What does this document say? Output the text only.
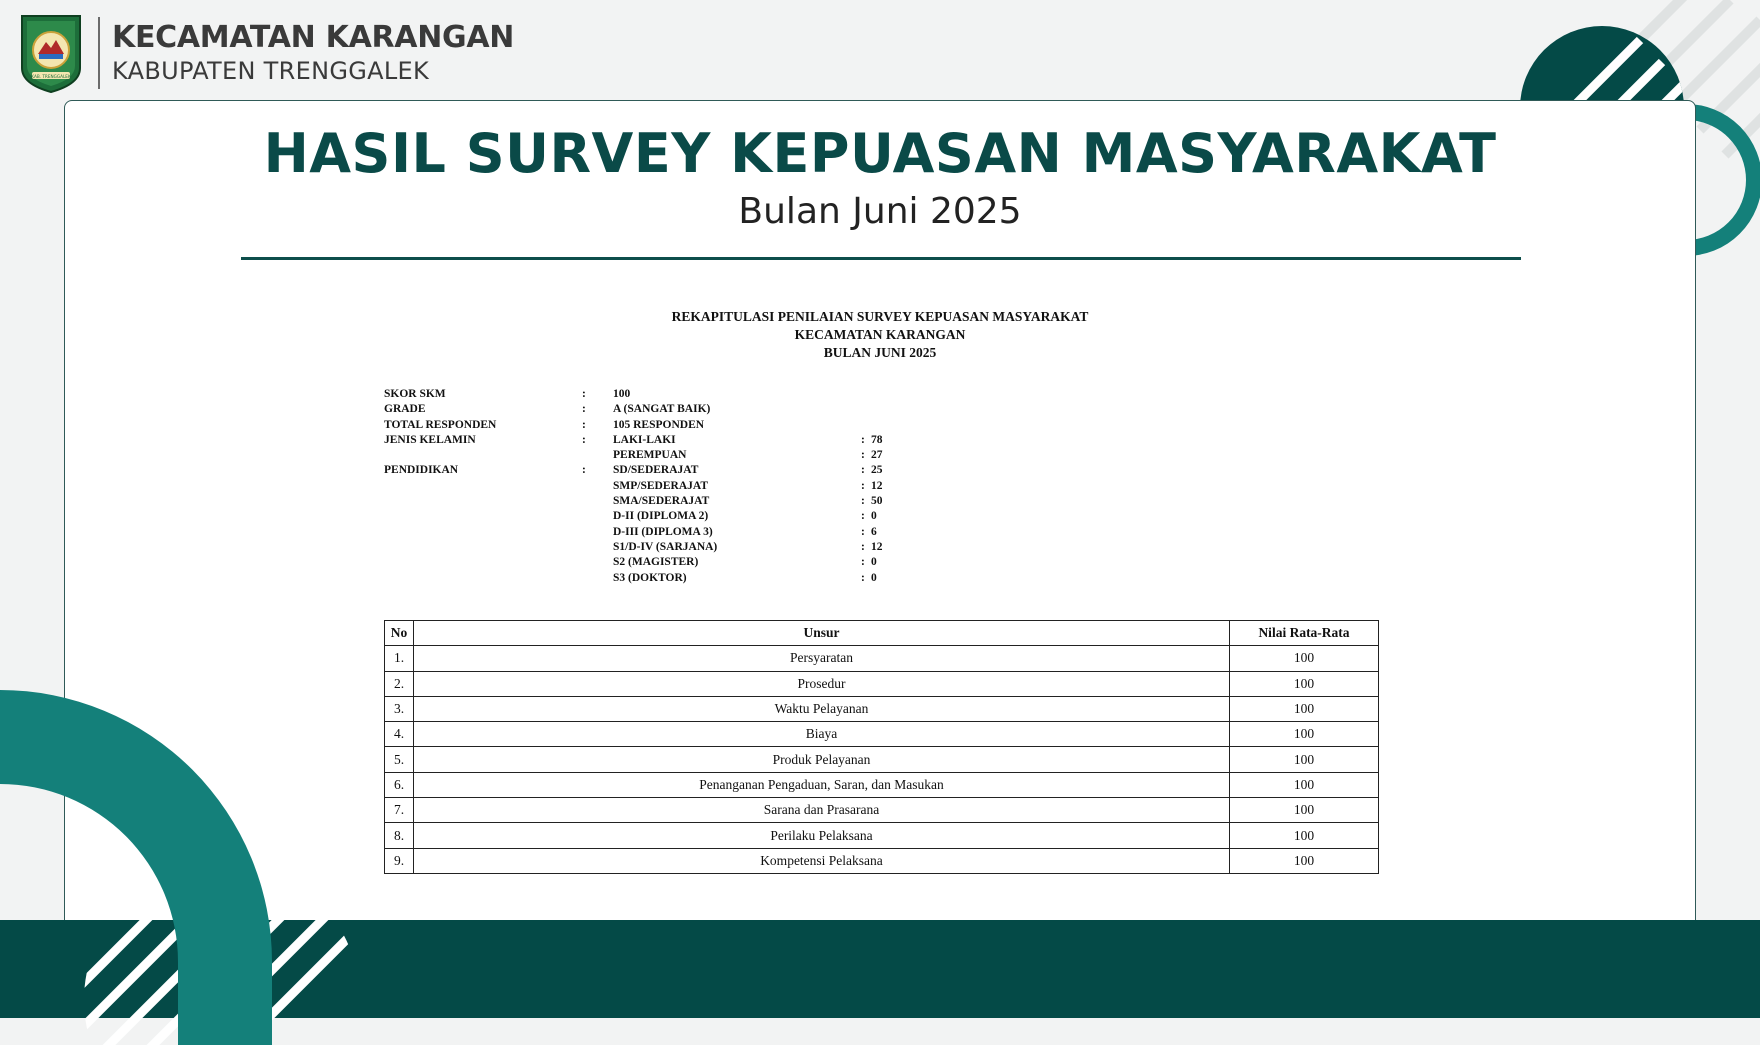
KAB. TRENGGALEK
KECAMATAN KARANGAN
KABUPATEN TRENGGALEK
HASIL SURVEY KEPUASAN MASYARAKAT
Bulan Juni 2025
REKAPITULASI PENILAIAN SURVEY KEPUASAN MASYARAKAT
KECAMATAN KARANGAN
BULAN JUNI 2025
SKOR SKM	: 100
GRADE	: A (SANGAT BAIK)
TOTAL RESPONDEN	: 105 RESPONDEN
JENIS KELAMIN	: LAKI-LAKI	: 78
PEREMPUAN	: 27
PENDIDIKAN	: SD/SEDERAJAT	: 25
SMP/SEDERAJAT	: 12
SMA/SEDERAJAT	: 50
D-II (DIPLOMA 2)	: 0
D-III (DIPLOMA 3)	: 6
S1/D-IV (SARJANA)	: 12
S2 (MAGISTER)	: 0
S3 (DOKTOR)	: 0
No	Unsur	Nilai Rata-Rata
1.	Persyaratan	100
2.	Prosedur	100
3.	Waktu Pelayanan	100
4.	Biaya	100
5.	Produk Pelayanan	100
6.	Penanganan Pengaduan, Saran, dan Masukan	100
7.	Sarana dan Prasarana	100
8.	Perilaku Pelaksana	100
9.	Kompetensi Pelaksana	100
